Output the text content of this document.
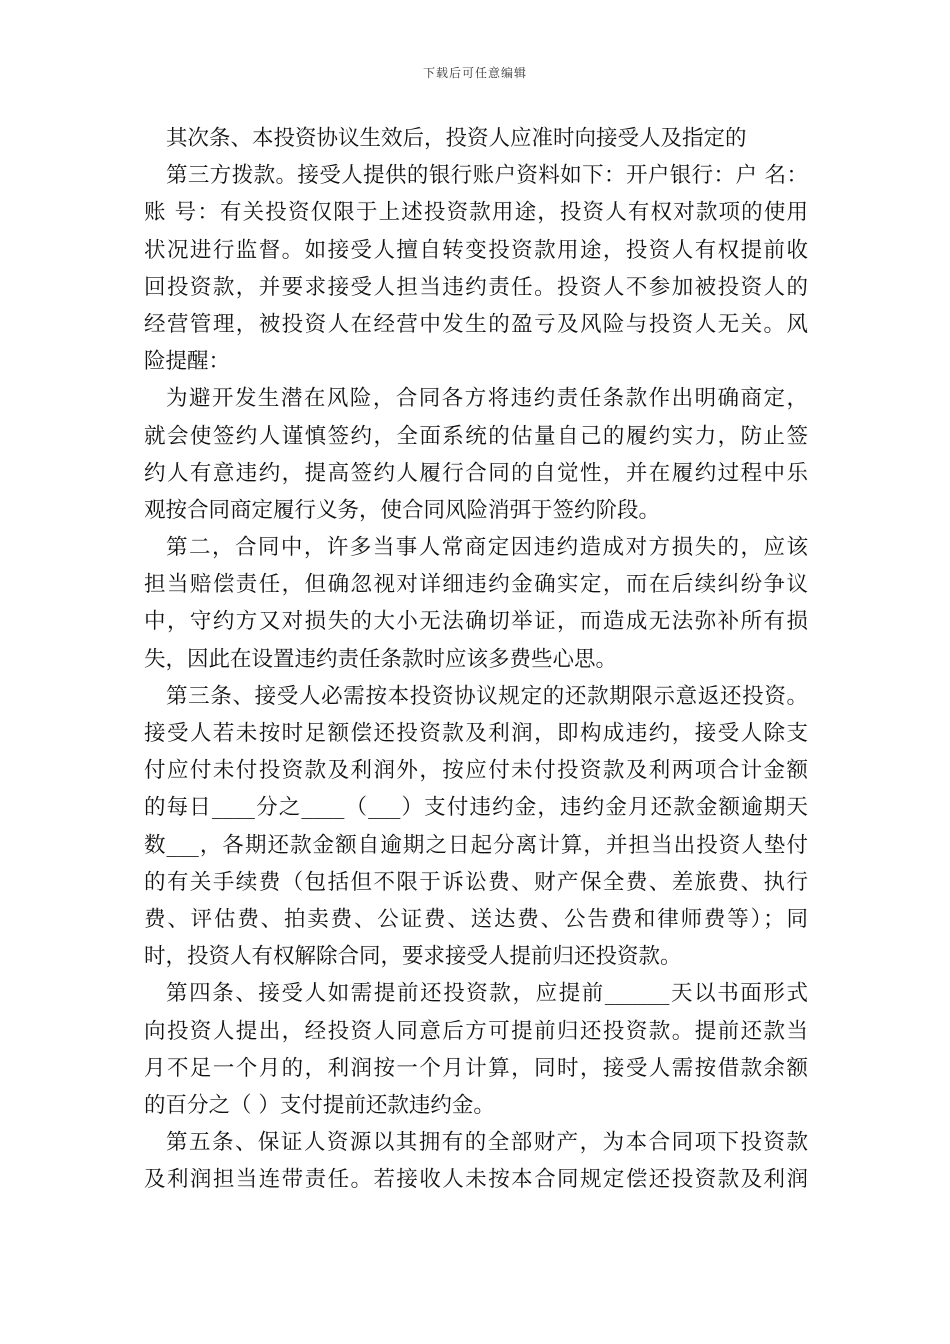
下载后可任意编辑
其次条、本投资协议生效后，投资人应准时向接受人及指定的
第三方拨款。接受人提供的银行账户资料如下：开户银行：户 名：
账 号：有关投资仅限于上述投资款用途，投资人有权对款项的使用
状况进行监督。如接受人擅自转变投资款用途，投资人有权提前收
回投资款，并要求接受人担当违约责任。投资人不参加被投资人的
经营管理，被投资人在经营中发生的盈亏及风险与投资人无关。风
险提醒：
为避开发生潜在风险，合同各方将违约责任条款作出明确商定，
就会使签约人谨慎签约，全面系统的估量自己的履约实力，防止签
约人有意违约，提高签约人履行合同的自觉性，并在履约过程中乐
观按合同商定履行义务，使合同风险消弭于签约阶段。
第二，合同中，许多当事人常商定因违约造成对方损失的，应该
担当赔偿责任，但确忽视对详细违约金确实定，而在后续纠纷争议
中，守约方又对损失的大小无法确切举证，而造成无法弥补所有损
失，因此在设置违约责任条款时应该多费些心思。
第三条、接受人必需按本投资协议规定的还款期限示意返还投资。
接受人若未按时足额偿还投资款及利润，即构成违约，接受人除支
付应付未付投资款及利润外，按应付未付投资款及利两项合计金额
的每日____分之____（___）支付违约金，违约金月还款金额逾期天
数___，各期还款金额自逾期之日起分离计算，并担当出投资人垫付
的有关手续费（包括但不限于诉讼费、财产保全费、差旅费、执行
费、评估费、拍卖费、公证费、送达费、公告费和律师费等）；同
时，投资人有权解除合同，要求接受人提前归还投资款。
第四条、接受人如需提前还投资款，应提前______天以书面形式
向投资人提出，经投资人同意后方可提前归还投资款。提前还款当
月不足一个月的，利润按一个月计算，同时，接受人需按借款余额
的百分之（ ）支付提前还款违约金。
第五条、保证人资源以其拥有的全部财产，为本合同项下投资款
及利润担当连带责任。若接收人未按本合同规定偿还投资款及利润
